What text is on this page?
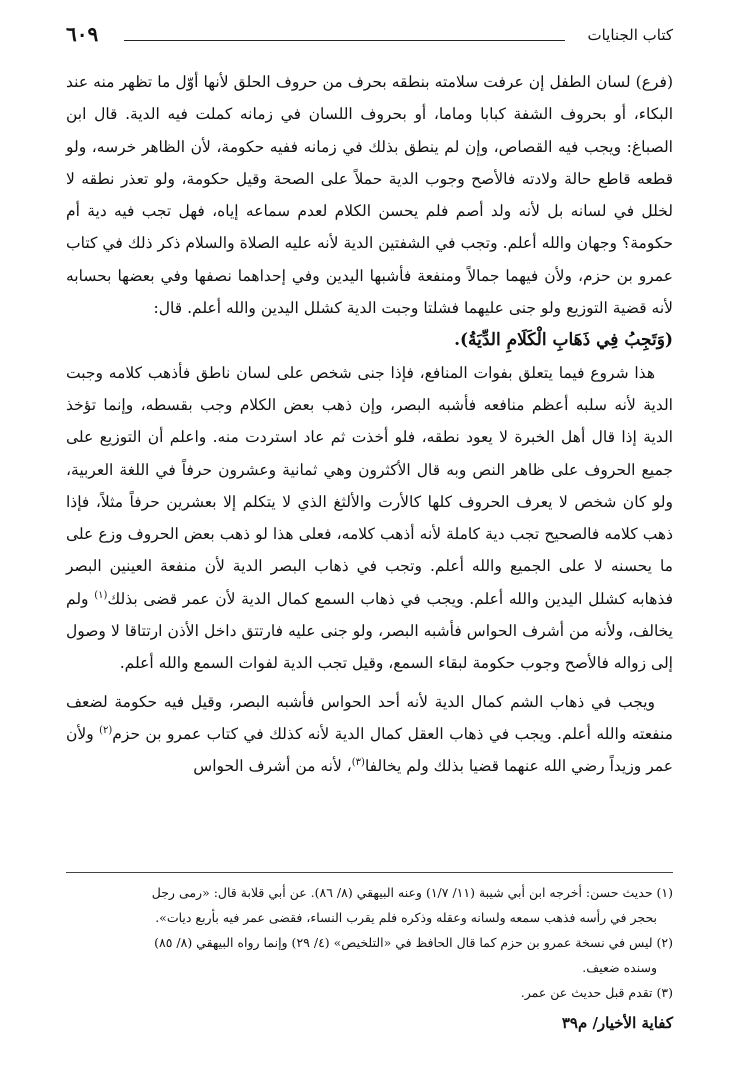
٦٠٩	كتاب الجنايات

(فرع) لسان الطفل إن عرفت سلامته بنطقه بحرف من حروف الحلق لأنها أوّل ما تظهر منه عند البكاء، أو بحروف الشفة كبابا وماما، أو بحروف اللسان في زمانه كملت فيه الدية. قال ابن الصباغ: ويجب فيه القصاص، وإن لم ينطق بذلك في زمانه ففيه حكومة، لأن الظاهر خرسه، ولو قطعه قاطع حالة ولادته فالأصح وجوب الدية حملاً على الصحة وقيل حكومة، ولو تعذر نطقه لا لخلل في لسانه بل لأنه ولد أصم فلم يحسن الكلام لعدم سماعه إياه، فهل تجب فيه دية أم حكومة؟ وجهان والله أعلم. وتجب في الشفتين الدية لأنه عليه الصلاة والسلام ذكر ذلك في كتاب عمرو بن حزم، ولأن فيهما جمالاً ومنفعة فأشبها اليدين وفي إحداهما نصفها وفي بعضها بحسابه لأنه قضية التوزيع ولو جنى عليهما فشلتا وجبت الدية كشلل اليدين والله أعلم. قال:

(وَتَجِبُ فِي ذَهَابِ الْكَلَامِ الدِّيَةُ).

هذا شروع فيما يتعلق بفوات المنافع، فإذا جنى شخص على لسان ناطق فأذهب كلامه وجبت الدية لأنه سلبه أعظم منافعه فأشبه البصر، وإن ذهب بعض الكلام وجب بقسطه، وإنما تؤخذ الدية إذا قال أهل الخبرة لا يعود نطقه، فلو أخذت ثم عاد استردت منه. واعلم أن التوزيع على جميع الحروف على ظاهر النص وبه قال الأكثرون وهي ثمانية وعشرون حرفاً في اللغة العربية، ولو كان شخص لا يعرف الحروف كلها كالأرت والألثغ الذي لا يتكلم إلا بعشرين حرفاً مثلاً، فإذا ذهب كلامه فالصحيح تجب دية كاملة لأنه أذهب كلامه، فعلى هذا لو ذهب بعض الحروف وزع على ما يحسنه لا على الجميع والله أعلم. وتجب في ذهاب البصر الدية لأن منفعة العينين البصر فذهابه كشلل اليدين والله أعلم. ويجب في ذهاب السمع كمال الدية لأن عمر قضى بذلك$^{(١)}$ ولم يخالف، ولأنه من أشرف الحواس فأشبه البصر، ولو جنى عليه فارتتق داخل الأذن ارتتاقا لا وصول إلى زواله فالأصح وجوب حكومة لبقاء السمع، وقيل تجب الدية لفوات السمع والله أعلم.

ويجب في ذهاب الشم كمال الدية لأنه أحد الحواس فأشبه البصر، وقيل فيه حكومة لضعف منفعته والله أعلم. ويجب في ذهاب العقل كمال الدية لأنه كذلك في كتاب عمرو بن حزم$^{(٢)}$ ولأن عمر وزيداً رضي الله عنهما قضيا بذلك ولم يخالفا$^{(٣)}$، لأنه من أشرف الحواس

(١) حديث حسن: أخرجه ابن أبي شيبة (١١/ ١/٧) وعنه البيهقي (٨/ ٨٦). عن أبي قلابة قال: «رمى رجل

بحجر في رأسه فذهب سمعه ولسانه وعقله وذكره فلم يقرب النساء، فقضى عمر فيه بأربع ديات».

(٢) ليس في نسخة عمرو بن حزم كما قال الحافظ في «التلخيص» (٤/ ٢٩) وإنما رواه البيهقي (٨/ ٨٥)

وسنده ضعيف.

(٣) تقدم قبل حديث عن عمر.

كفاية الأخيار/ م٣٩
